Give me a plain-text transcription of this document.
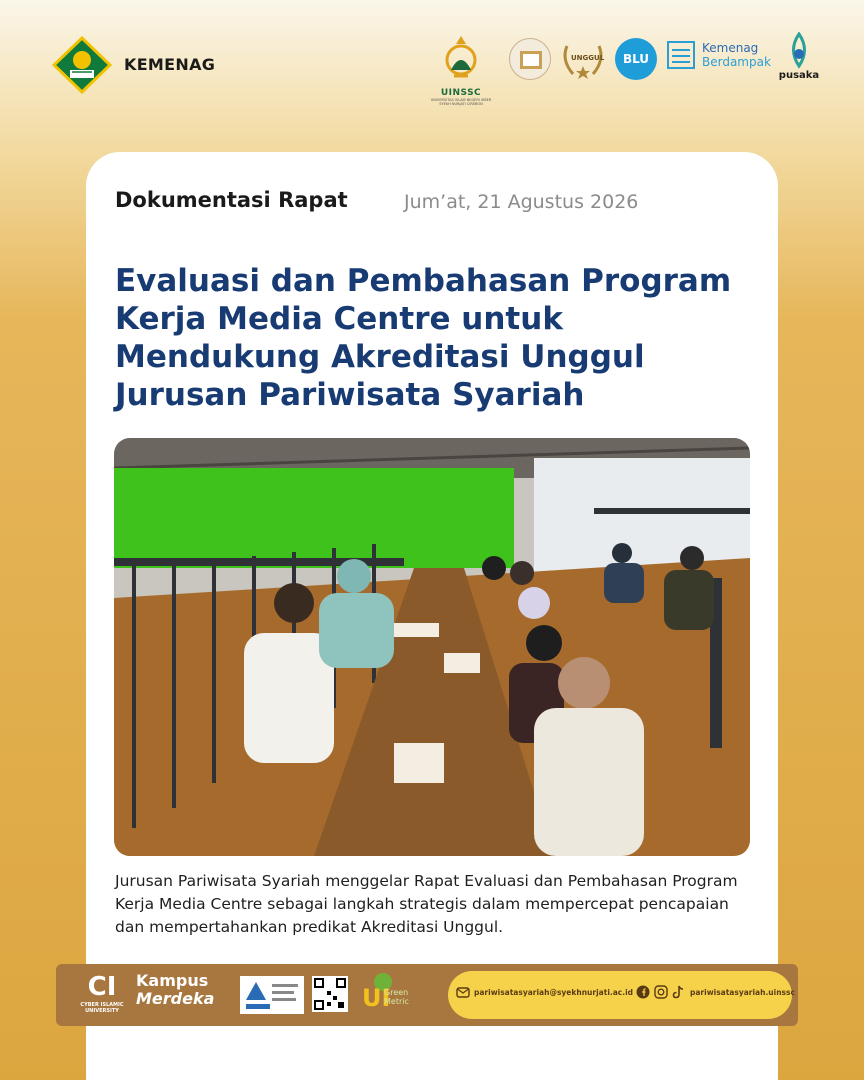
KEMENAG
UINSSC
UNIVERSITAS ISLAM NEGERI SIBER SYEKH NURJATI CIREBON
UNGGUL	BLU
Kemenag
Berdampak
pusaka
Dokumentasi Rapat	Jum’at, 21 Agustus 2026
Evaluasi dan Pembahasan Program Kerja Media Centre untuk Mendukung Akreditasi Unggul Jurusan Pariwisata Syariah
Jurusan Pariwisata Syariah menggelar Rapat Evaluasi dan Pembahasan Program Kerja Media Centre sebagai langkah strategis dalam mempercepat pencapaian dan mempertahankan predikat Akreditasi Unggul.
CI
CYBER ISLAMIC UNIVERSITY
Kampus
Merdeka	UI
Green Metric
pariwisatasyariah@syekhnurjati.ac.id	pariwisatasyariah.uinssc
